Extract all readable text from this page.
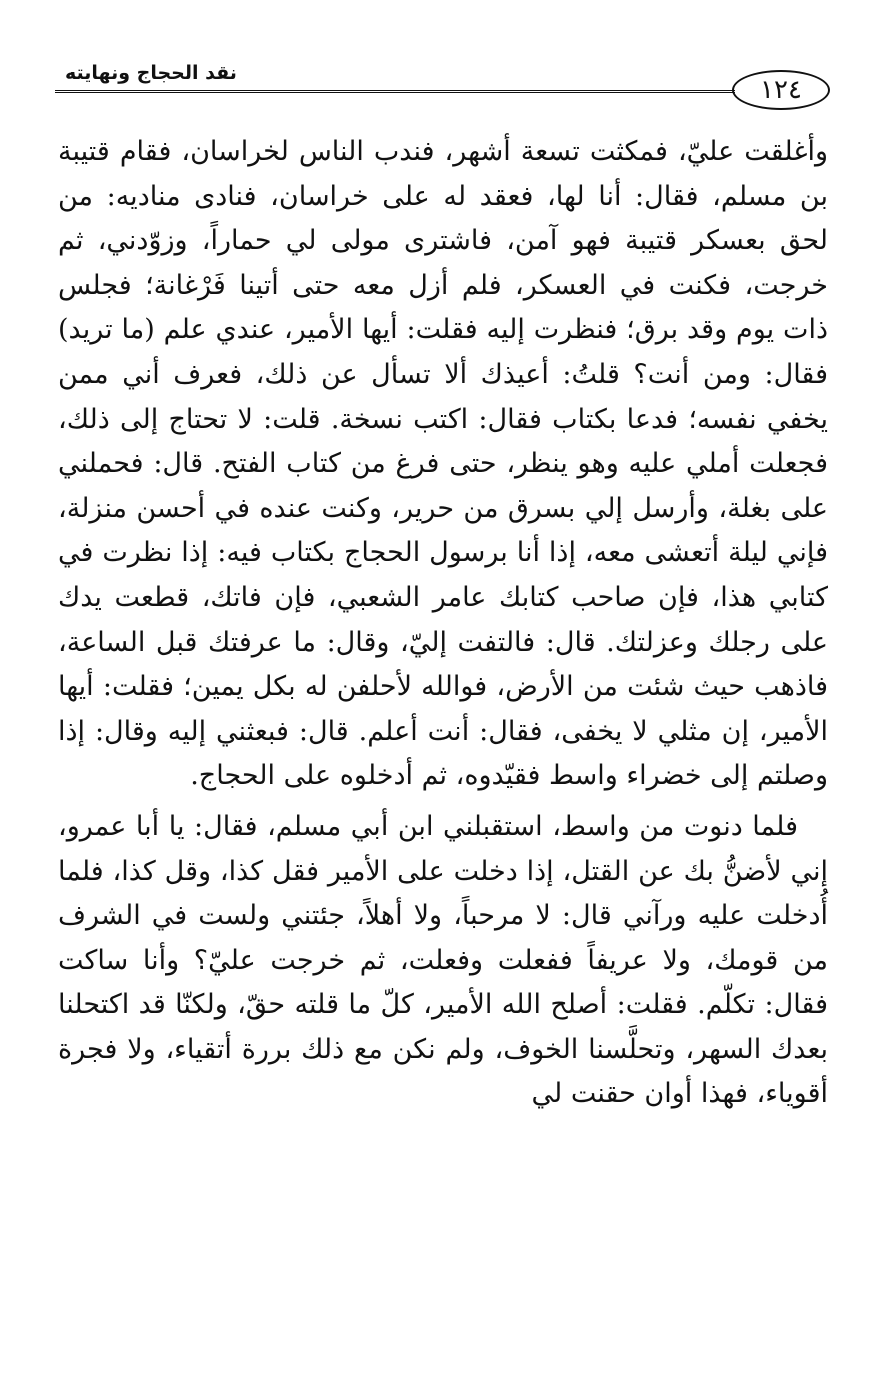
نقد الحجاج ونهايته
١٢٤

وأغلقت عليّ، فمكثت تسعة أشهر، فندب الناس لخراسان، فقام قتيبة بن مسلم، فقال: أنا لها، فعقد له على خراسان، فنادى مناديه: من لحق بعسكر قتيبة فهو آمن، فاشترى مولى لي حماراً، وزوّدني، ثم خرجت، فكنت في العسكر، فلم أزل معه حتى أتينا فَرْغانة؛ فجلس ذات يوم وقد برق؛ فنظرت إليه فقلت: أيها الأمير، عندي علم (ما تريد) فقال: ومن أنت؟ قلتُ: أعيذك ألا تسأل عن ذلك، فعرف أني ممن يخفي نفسه؛ فدعا بكتاب فقال: اكتب نسخة. قلت: لا تحتاج إلى ذلك، فجعلت أملي عليه وهو ينظر، حتى فرغ من كتاب الفتح. قال: فحملني على بغلة، وأرسل إلي بسرق من حرير، وكنت عنده في أحسن منزلة، فإني ليلة أتعشى معه، إذا أنا برسول الحجاج بكتاب فيه: إذا نظرت في كتابي هذا، فإن صاحب كتابك عامر الشعبي، فإن فاتك، قطعت يدك على رجلك وعزلتك. قال: فالتفت إليّ، وقال: ما عرفتك قبل الساعة، فاذهب حيث شئت من الأرض، فوالله لأحلفن له بكل يمين؛ فقلت: أيها الأمير، إن مثلي لا يخفى، فقال: أنت أعلم. قال: فبعثني إليه وقال: إذا وصلتم إلى خضراء واسط فقيّدوه، ثم أدخلوه على الحجاج.

فلما دنوت من واسط، استقبلني ابن أبي مسلم، فقال: يا أبا عمرو، إني لأضنُّ بك عن القتل، إذا دخلت على الأمير فقل كذا، وقل كذا، فلما أُدخلت عليه ورآني قال: لا مرحباً، ولا أهلاً، جئتني ولست في الشرف من قومك، ولا عريفاً ففعلت وفعلت، ثم خرجت عليّ؟ وأنا ساكت فقال: تكلّم. فقلت: أصلح الله الأمير، كلّ ما قلته حقّ، ولكنّا قد اكتحلنا بعدك السهر، وتحلَّسنا الخوف، ولم نكن مع ذلك بررة أتقياء، ولا فجرة أقوياء، فهذا أوان حقنت لي
